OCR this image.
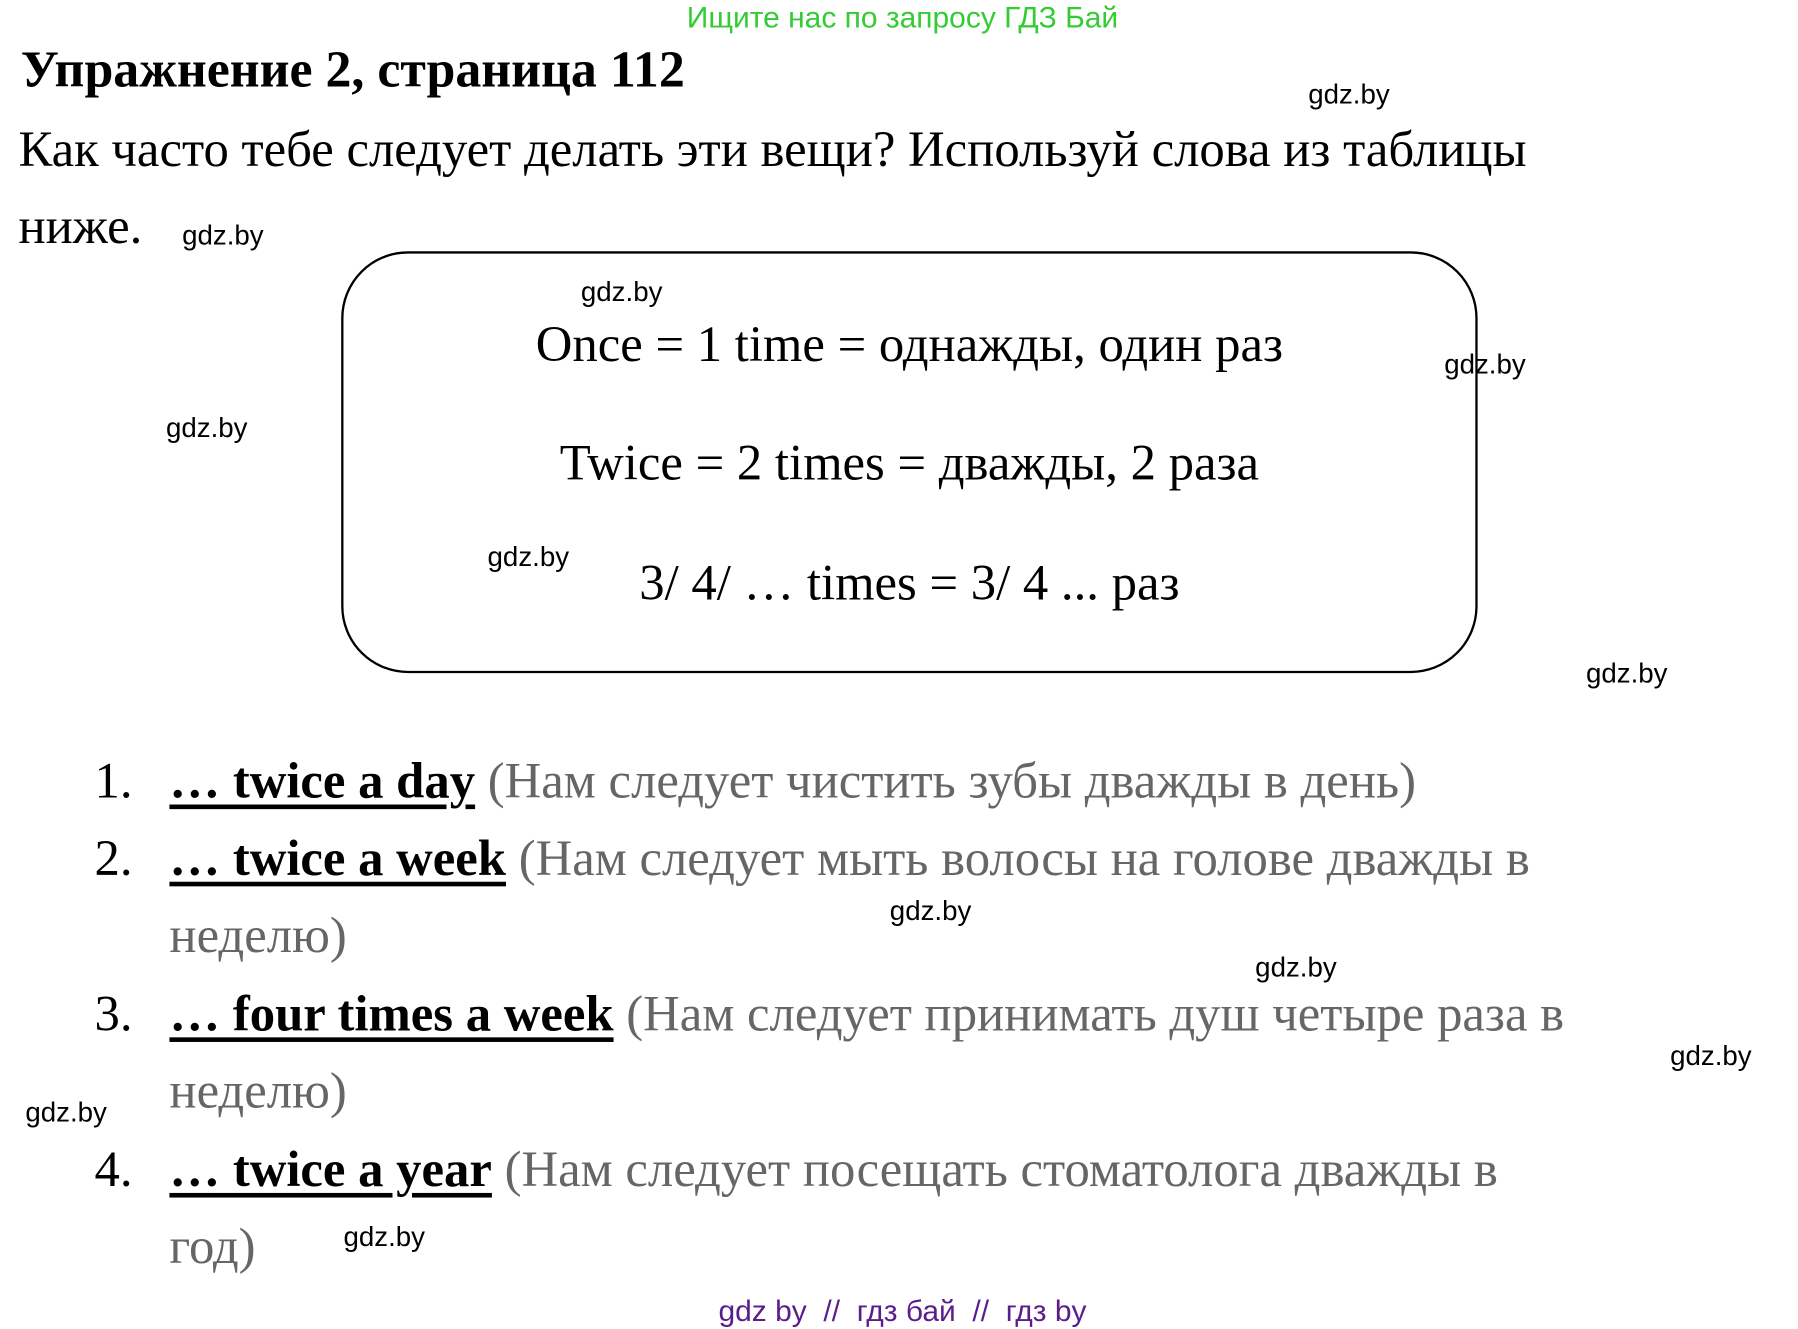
Ищите нас по запросу ГДЗ Бай
Упражнение 2, страница 112
Как часто тебе следует делать эти вещи? Используй слова из таблицы
ниже.
Once = 1 time = однажды, один раз
Twice = 2 times = дважды, 2 раза
3/ 4/ … times = 3/ 4 ... раз
1. … twice a day (Нам следует чистить зубы дважды в день)
2. … twice a week (Нам следует мыть волосы на голове дважды в
неделю)
3. … four times a week (Нам следует принимать душ четыре раза в
неделю)
4. … twice a year (Нам следует посещать стоматолога дважды в
год)
gdz.by
gdz.by
gdz.by
gdz.by
gdz.by
gdz.by
gdz.by
gdz.by
gdz.by
gdz.by
gdz.by
gdz.by
gdz by  //  гдз бай  //  гдз by
